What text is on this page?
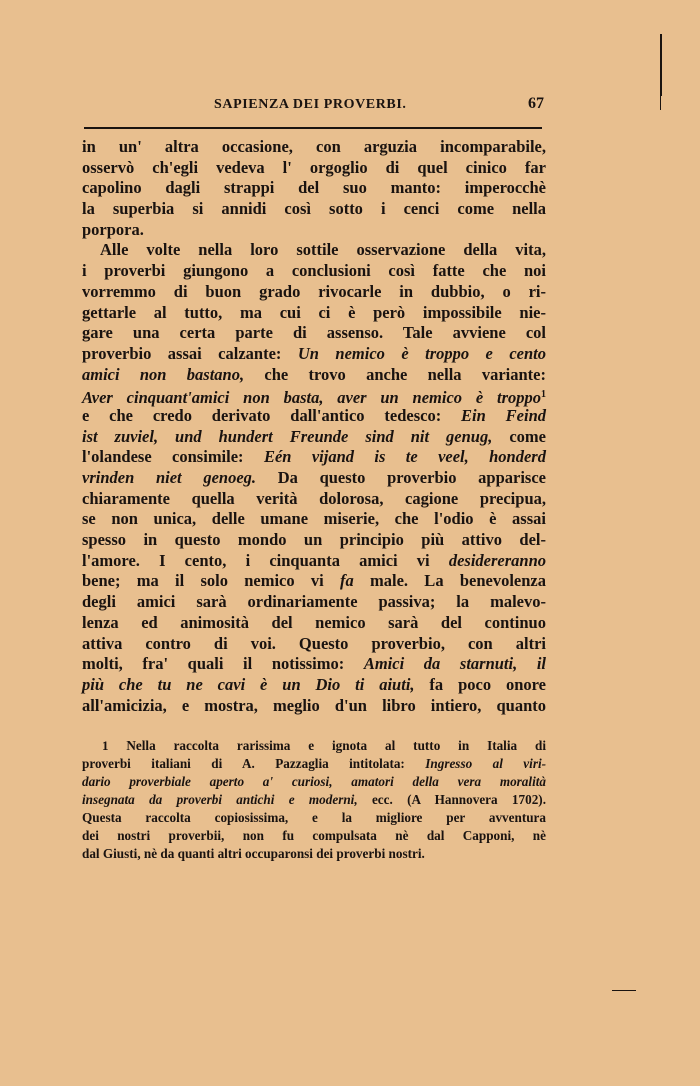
SAPIENZA DEI PROVERBI.	67
in un' altra occasione, con arguzia incomparabile,
osservò ch'egli vedeva l' orgoglio di quel cinico far
capolino dagli strappi del suo manto: imperocchè
la superbia si annidi così sotto i cenci come nella
porpora.
Alle volte nella loro sottile osservazione della vita,
i proverbi giungono a conclusioni così fatte che noi
vorremmo di buon grado rivocarle in dubbio, o ri-
gettarle al tutto, ma cui ci è però impossibile nie-
gare una certa parte di assenso. Tale avviene col
proverbio assai calzante: Un nemico è troppo e cento
amici non bastano, che trovo anche nella variante:
Aver cinquant'amici non basta, aver un nemico è troppo$^1$
e che credo derivato dall'antico tedesco: Ein Feind
ist zuviel, und hundert Freunde sind nit genug, come
l'olandese consimile: Eén vijand is te veel, honderd
vrinden niet genoeg. Da questo proverbio apparisce
chiaramente quella verità dolorosa, cagione precipua,
se non unica, delle umane miserie, che l'odio è assai
spesso in questo mondo un principio più attivo del-
l'amore. I cento, i cinquanta amici vi desidereranno
bene; ma il solo nemico vi fa male. La benevolenza
degli amici sarà ordinariamente passiva; la malevo-
lenza ed animosità del nemico sarà del continuo
attiva contro di voi. Questo proverbio, con altri
molti, fra' quali il notissimo: Amici da starnuti, il
più che tu ne cavi è un Dio ti aiuti, fa poco onore
all'amicizia, e mostra, meglio d'un libro intiero, quanto
1 Nella raccolta rarissima e ignota al tutto in Italia di
proverbi italiani di A. Pazzaglia intitolata: Ingresso al viri-
dario proverbiale aperto a' curiosi, amatori della vera moralità
insegnata da proverbi antichi e moderni, ecc. (A Hannovera 1702).
Questa raccolta copiosissima, e la migliore per avventura
dei nostri proverbii, non fu compulsata nè dal Capponi, nè
dal Giusti, nè da quanti altri occuparonsi dei proverbi nostri.
